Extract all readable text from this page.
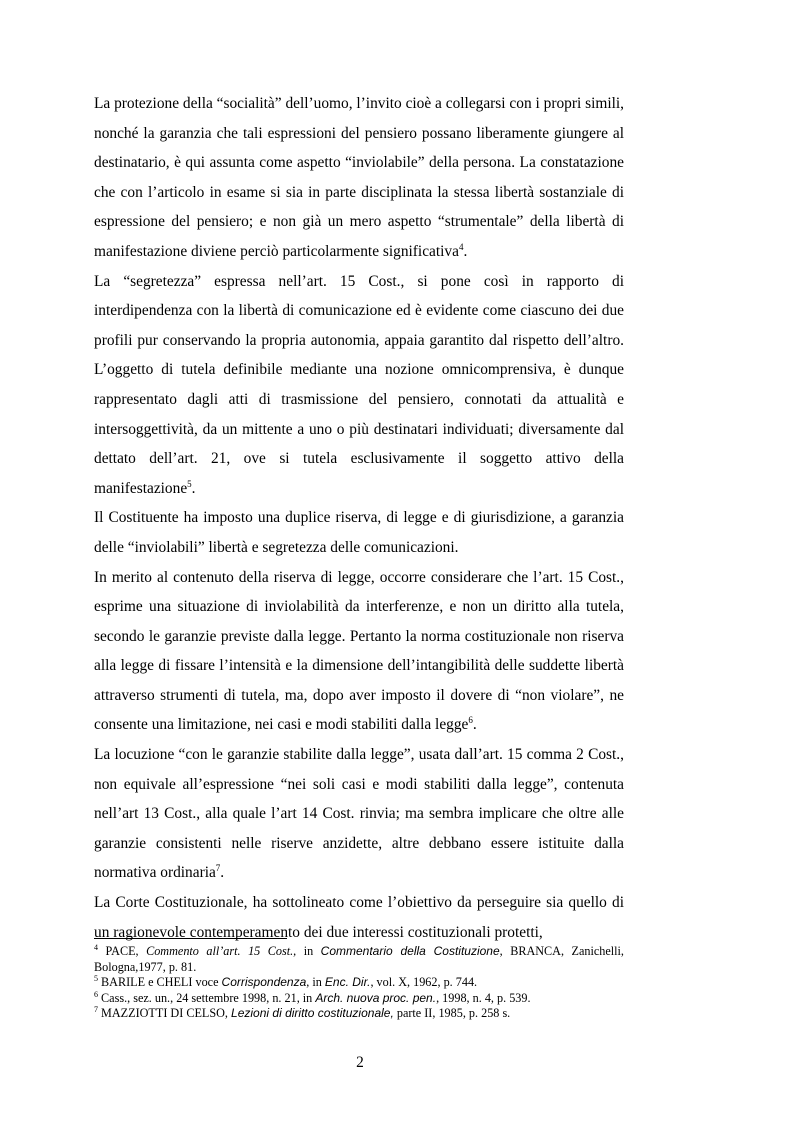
La protezione della “socialità” dell’uomo, l’invito cioè a collegarsi con i propri simili, nonché la garanzia che tali espressioni del pensiero possano liberamente giungere al destinatario, è qui assunta come aspetto “inviolabile” della persona. La constatazione che con l’articolo in esame si sia in parte disciplinata la stessa libertà sostanziale di espressione del pensiero; e non già un mero aspetto “strumentale” della libertà di manifestazione diviene perciò particolarmente significativa$^4$.

La “segretezza” espressa nell’art. 15 Cost., si pone così in rapporto di interdipendenza con la libertà di comunicazione ed è evidente come ciascuno dei due profili pur conservando la propria autonomia, appaia garantito dal rispetto dell’altro. L’oggetto di tutela definibile mediante una nozione omnicomprensiva, è dunque rappresentato dagli atti di trasmissione del pensiero, connotati da attualità e intersoggettività, da un mittente a uno o più destinatari individuati; diversamente dal dettato dell’art. 21, ove si tutela esclusivamente il soggetto attivo della manifestazione$^5$.

Il Costituente ha imposto una duplice riserva, di legge e di giurisdizione, a garanzia delle “inviolabili” libertà e segretezza delle comunicazioni.

In merito al contenuto della riserva di legge, occorre considerare che l’art. 15 Cost., esprime una situazione di inviolabilità da interferenze, e non un diritto alla tutela, secondo le garanzie previste dalla legge. Pertanto la norma costituzionale non riserva alla legge di fissare l’intensità e la dimensione dell’intangibilità delle suddette libertà attraverso strumenti di tutela, ma, dopo aver imposto il dovere di “non violare”, ne consente una limitazione, nei casi e modi stabiliti dalla legge$^6$.

La locuzione “con le garanzie stabilite dalla legge”, usata dall’art. 15 comma 2 Cost., non equivale all’espressione “nei soli casi e modi stabiliti dalla legge”, contenuta nell’art 13 Cost., alla quale l’art 14 Cost. rinvia; ma sembra implicare che oltre alle garanzie consistenti nelle riserve anzidette, altre debbano essere istituite dalla normativa ordinaria$^7$.

La Corte Costituzionale, ha sottolineato come l’obiettivo da perseguire sia quello di un ragionevole contemperamento dei due interessi costituzionali protetti,

$^4$ PACE, Commento all’art. 15 Cost., in Commentario della Costituzione, BRANCA, Zanichelli, Bologna,1977, p. 81.

$^5$ BARILE e CHELI voce Corrispondenza, in Enc. Dir., vol. X, 1962, p. 744.

$^6$ Cass., sez. un., 24 settembre 1998, n. 21, in Arch. nuova proc. pen., 1998, n. 4, p. 539.

$^7$ MAZZIOTTI DI CELSO, Lezioni di diritto costituzionale, parte II, 1985, p. 258 s.

2
